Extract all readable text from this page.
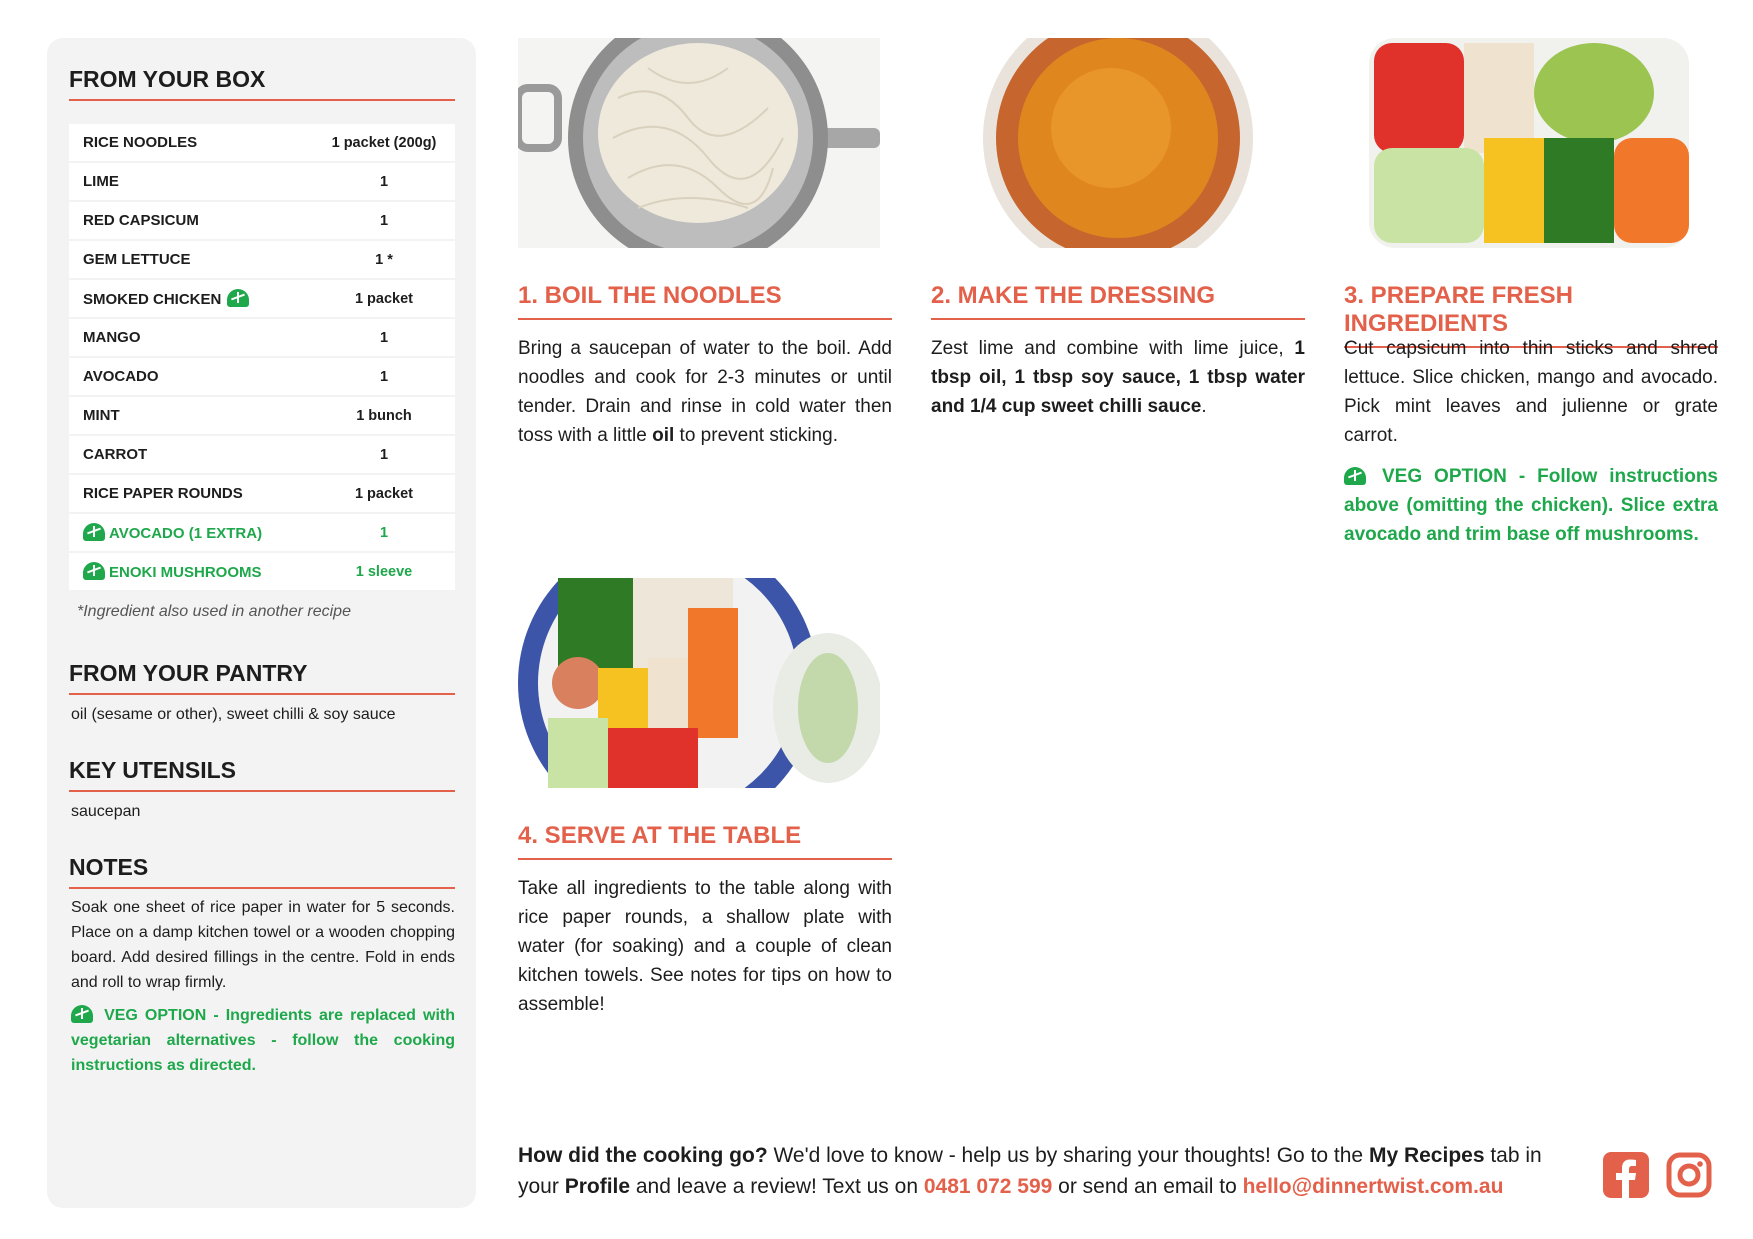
FROM YOUR BOX
RICE NOODLES	1 packet (200g)
LIME	1
RED CAPSICUM	1
GEM LETTUCE	1 *
SMOKED CHICKEN	1 packet
MANGO	1
AVOCADO	1
MINT	1 bunch
CARROT	1
RICE PAPER ROUNDS	1 packet
AVOCADO (1 EXTRA)	1
ENOKI MUSHROOMS	1 sleeve
*Ingredient also used in another recipe
FROM YOUR PANTRY
oil (sesame or other), sweet chilli & soy sauce
KEY UTENSILS
saucepan
NOTES
Soak one sheet of rice paper in water for 5 seconds. Place on a damp kitchen towel or a wooden chopping board. Add desired fillings in the centre. Fold in ends and roll to wrap firmly.
VEG OPTION - Ingredients are replaced with vegetarian alternatives - follow the cooking instructions as directed.
1. BOIL THE NOODLES
Bring a saucepan of water to the boil. Add noodles and cook for 2-3 minutes or until tender. Drain and rinse in cold water then toss with a little oil to prevent sticking.
2. MAKE THE DRESSING
Zest lime and combine with lime juice, 1 tbsp oil, 1 tbsp soy sauce, 1 tbsp water and 1/4 cup sweet chilli sauce.
3. PREPARE FRESH INGREDIENTS
Cut capsicum into thin sticks and shred lettuce. Slice chicken, mango and avocado. Pick mint leaves and julienne or grate carrot.
VEG OPTION - Follow instructions above (omitting the chicken). Slice extra avocado and trim base off mushrooms.
4. SERVE AT THE TABLE
Take all ingredients to the table along with rice paper rounds, a shallow plate with water (for soaking) and a couple of clean kitchen towels. See notes for tips on how to assemble!
How did the cooking go? We'd love to know - help us by sharing your thoughts! Go to the My Recipes tab in your Profile and leave a review! Text us on 0481 072 599 or send an email to hello@dinnertwist.com.au
